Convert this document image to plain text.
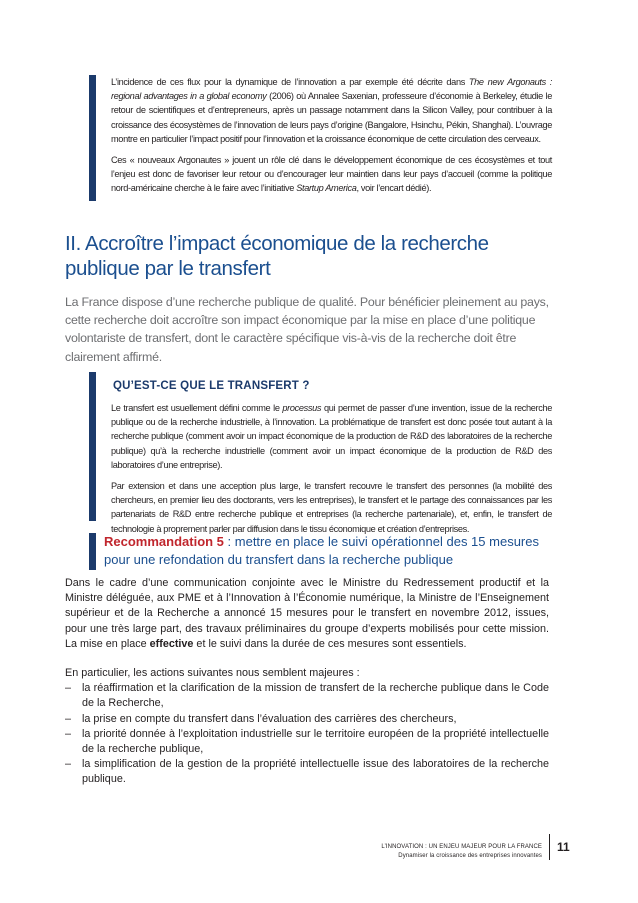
L’incidence de ces flux pour la dynamique de l’innovation a par exemple été décrite dans The new Argonauts : regional advantages in a global economy (2006) où Annalee Saxenian, professeure d’économie à Berkeley, étudie le retour de scientifiques et d’entrepreneurs, après un passage notamment dans la Silicon Valley, pour contribuer à la croissance des écosystèmes de l’innovation de leurs pays d’origine (Bangalore, Hsinchu, Pékin, Shanghai). L’ouvrage montre en particulier l’impact positif pour l’innovation et la croissance économique de cette circulation des cerveaux.

Ces « nouveaux Argonautes » jouent un rôle clé dans le développement économique de ces écosystèmes et tout l’enjeu est donc de favoriser leur retour ou d’encourager leur maintien dans leur pays d’accueil (comme la politique nord-américaine cherche à le faire avec l’initiative Startup America, voir l’encart dédié).

II. Accroître l’impact économique de la recherche publique par le transfert

La France dispose d’une recherche publique de qualité. Pour bénéficier pleinement au pays, cette recherche doit accroître son impact économique par la mise en place d’une politique volontariste de transfert, dont le caractère spécifique vis-à-vis de la recherche doit être clairement affirmé.

QU’EST-CE QUE LE TRANSFERT ?

Le transfert est usuellement défini comme le processus qui permet de passer d’une invention, issue de la recherche publique ou de la recherche industrielle, à l’innovation. La problématique de transfert est donc posée tout autant à la recherche publique (comment avoir un impact économique de la production de R&D des laboratoires de la recherche publique) qu’à la recherche industrielle (comment avoir un impact économique de la production de R&D des laboratoires d’une entreprise).

Par extension et dans une acception plus large, le transfert recouvre le transfert des personnes (la mobilité des chercheurs, en premier lieu des doctorants, vers les entreprises), le transfert et le partage des connaissances par les partenariats de R&D entre recherche publique et entreprises (la recherche partenariale), et, enfin, le transfert de technologie à proprement parler par diffusion dans le tissu économique et création d’entreprises.

Recommandation 5 : mettre en place le suivi opérationnel des 15 mesures pour une refondation du transfert dans la recherche publique

Dans le cadre d’une communication conjointe avec le Ministre du Redressement productif et la Ministre déléguée, aux PME et à l’Innovation à l’Économie numérique, la Ministre de l’Enseignement supérieur et de la Recherche a annoncé 15 mesures pour le transfert en novembre 2012, issues, pour une très large part, des travaux préliminaires du groupe d’experts mobilisés pour cette mission. La mise en place effective et le suivi dans la durée de ces mesures sont essentiels.

En particulier, les actions suivantes nous semblent majeures :

– la réaffirmation et la clarification de la mission de transfert de la recherche publique dans le Code de la Recherche,
– la prise en compte du transfert dans l’évaluation des carrières des chercheurs,
– la priorité donnée à l’exploitation industrielle sur le territoire européen de la propriété intellectuelle de la recherche publique,
– la simplification de la gestion de la propriété intellectuelle issue des laboratoires de la recherche publique.
L’INNOVATION : UN ENJEU MAJEUR POUR LA FRANCE
Dynamiser la croissance des entreprises innovantes
11
